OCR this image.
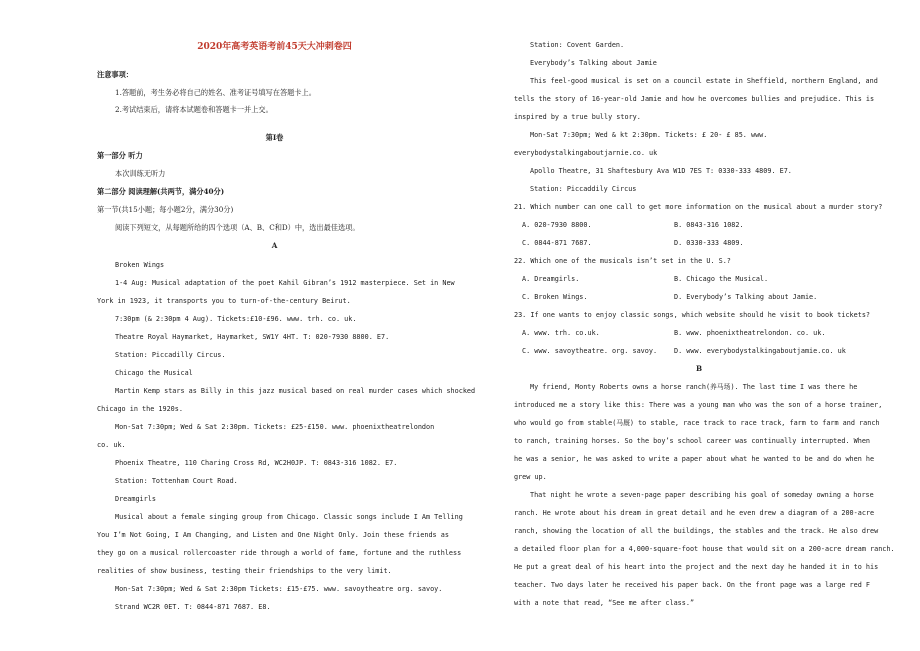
2020年高考英语考前45天大冲刺卷四
注意事项：
1.答题前，考生务必将自己的姓名、准考证号填写在答题卡上。
2.考试结束后，请将本试题卷和答题卡一并上交。
第Ⅰ卷
第一部分 听力
本次训练无听力
第二部分 阅读理解(共两节，满分40分)
第一节(共15小题；每小题2分，满分30分)
阅读下列短文，从每题所给的四个选项（A、B、C和D）中，选出最佳选项。
A
Broken Wings
1-4 Aug: Musical adaptation of the poet Kahil Gibran’s 1912 masterpiece. Set in New
York in 1923, it transports you to turn-of-the-century Beirut.
7:30pm (& 2:30pm 4 Aug). Tickets:£10-£96. www. trh. co. uk.
Theatre Royal Haymarket, Haymarket, SW1Y 4HT. T: 020-7930 8800. E7.
Station: Piccadilly Circus.
Chicago the Musical
Martin Kemp stars as Billy in this jazz musical based on real murder cases which shocked
Chicago in the 1920s.
Mon-Sat 7:30pm; Wed & Sat 2:30pm. Tickets: £25-£150. www. phoenixtheatrelondon
co. uk.
Phoenix Theatre, 110 Charing Cross Rd, WC2H0JP. T: 0843-316 1082. E7.
Station: Tottenham Court Road.
Dreamgirls
Musical about a female singing group from Chicago. Classic songs include I Am Telling
You I’m Not Going, I Am Changing, and Listen and One Night Only. Join these friends as
they go on a musical rollercoaster ride through a world of fame, fortune and the ruthless
realities of show business, testing their friendships to the very limit.
Mon-Sat 7:30pm; Wed & Sat 2:30pm Tickets: £15-£75. www. savoytheatre org. savoy.
Strand WC2R 0ET. T: 0844-871 7687. E8.
Station: Covent Garden.
Everybody’s Talking about Jamie
This feel-good musical is set on a council estate in Sheffield, northern England, and
tells the story of 16-year-old Jamie and how he overcomes bullies and prejudice. This is
inspired by a true bully story.
Mon-Sat 7:30pm; Wed & kt 2:30pm. Tickets: £ 20- £ 85. www.
everybodystalkingaboutjarnie.co. uk
Apollo Theatre, 31 Shaftesbury Ava W1D 7ES T: 0330-333 4809. E7.
Station: Piccaddily Circus
21. Which number can one call to get more information on the musical about a murder story?
A. 020-7930 8800.	B. 0843-316 1082.
C. 0844-871 7687.	D. 0330-333 4809.
22. Which one of the musicals isn’t set in the U. S.?
A. Dreamgirls.	B. Chicago the Musical.
C. Broken Wings.	D. Everybody’s Talking about Jamie.
23. If one wants to enjoy classic songs, which website should he visit to book tickets?
A. www. trh. co.uk.	B. www. phoenixtheatrelondon. co. uk.
C. www. savoytheatre. org. savoy. D. www. everybodystalkingaboutjamie.co. uk
B
My friend, Monty Roberts owns a horse ranch(养马场). The last time I was there he
introduced me a story like this: There was a young man who was the son of a horse trainer,
who would go from stable(马厩) to stable, race track to race track, farm to farm and ranch
to ranch, training horses. So the boy’s school career was continually interrupted. When
he was a senior, he was asked to write a paper about what he wanted to be and do when he
grew up.
That night he wrote a seven-page paper describing his goal of someday owning a horse
ranch. He wrote about his dream in great detail and he even drew a diagram of a 200-acre
ranch, showing the location of all the buildings, the stables and the track. He also drew
a detailed floor plan for a 4,000-square-foot house that would sit on a 200-acre dream ranch.
He put a great deal of his heart into the project and the next day he handed it in to his
teacher. Two days later he received his paper back. On the front page was a large red F
with a note that read, “See me after class.”
